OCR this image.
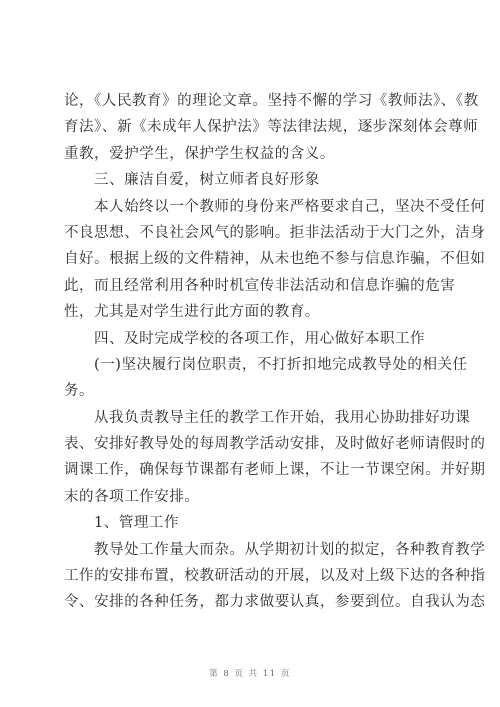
论，《人民教育》的理论文章。坚持不懈的学习《教师法》、《教
育法》、新《未成年人保护法》等法律法规，逐步深刻体会尊师
重教，爱护学生，保护学生权益的含义。
三、廉洁自爱，树立师者良好形象
本人始终以一个教师的身份来严格要求自己，坚决不受任何
不良思想、不良社会风气的影响。拒非法活动于大门之外，洁身
自好。根据上级的文件精神，从未也绝不参与信息诈骗，不但如
此，而且经常利用各种时机宣传非法活动和信息诈骗的危害
性，尤其是对学生进行此方面的教育。
四、及时完成学校的各项工作，用心做好本职工作
(一)坚决履行岗位职责，不打折扣地完成教导处的相关任
务。
从我负责教导主任的教学工作开始，我用心协助排好功课
表、安排好教导处的每周教学活动安排，及时做好老师请假时的
调课工作，确保每节课都有老师上课，不让一节课空闲。并好期
末的各项工作安排。
1、管理工作
教导处工作量大而杂。从学期初计划的拟定，各种教育教学
工作的安排布置，校教研活动的开展，以及对上级下达的各种指
令、安排的各种任务，都力求做要认真，参要到位。自我认为态
第 8 页 共 11 页
